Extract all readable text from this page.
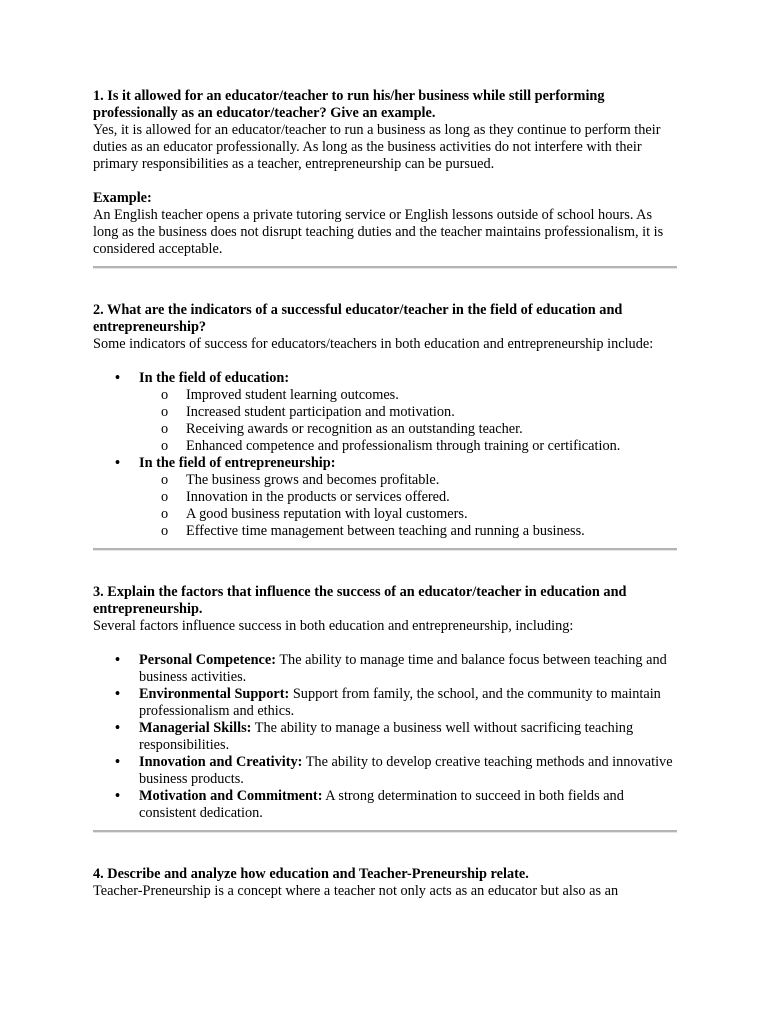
1. Is it allowed for an educator/teacher to run his/her business while still performing professionally as an educator/teacher? Give an example.

Yes, it is allowed for an educator/teacher to run a business as long as they continue to perform their duties as an educator professionally. As long as the business activities do not interfere with their primary responsibilities as a teacher, entrepreneurship can be pursued.

Example:

An English teacher opens a private tutoring service or English lessons outside of school hours. As long as the business does not disrupt teaching duties and the teacher maintains professionalism, it is considered acceptable.

2. What are the indicators of a successful educator/teacher in the field of education and entrepreneurship?

Some indicators of success for educators/teachers in both education and entrepreneurship include:

• In the field of education:
o Improved student learning outcomes.
o Increased student participation and motivation.
o Receiving awards or recognition as an outstanding teacher.
o Enhanced competence and professionalism through training or certification.
• In the field of entrepreneurship:
o The business grows and becomes profitable.
o Innovation in the products or services offered.
o A good business reputation with loyal customers.
o Effective time management between teaching and running a business.

3. Explain the factors that influence the success of an educator/teacher in education and entrepreneurship.

Several factors influence success in both education and entrepreneurship, including:

• Personal Competence: The ability to manage time and balance focus between teaching and business activities.
• Environmental Support: Support from family, the school, and the community to maintain professionalism and ethics.
• Managerial Skills: The ability to manage a business well without sacrificing teaching responsibilities.
• Innovation and Creativity: The ability to develop creative teaching methods and innovative business products.
• Motivation and Commitment: A strong determination to succeed in both fields and consistent dedication.

4. Describe and analyze how education and Teacher-Preneurship relate.

Teacher-Preneurship is a concept where a teacher not only acts as an educator but also as an
